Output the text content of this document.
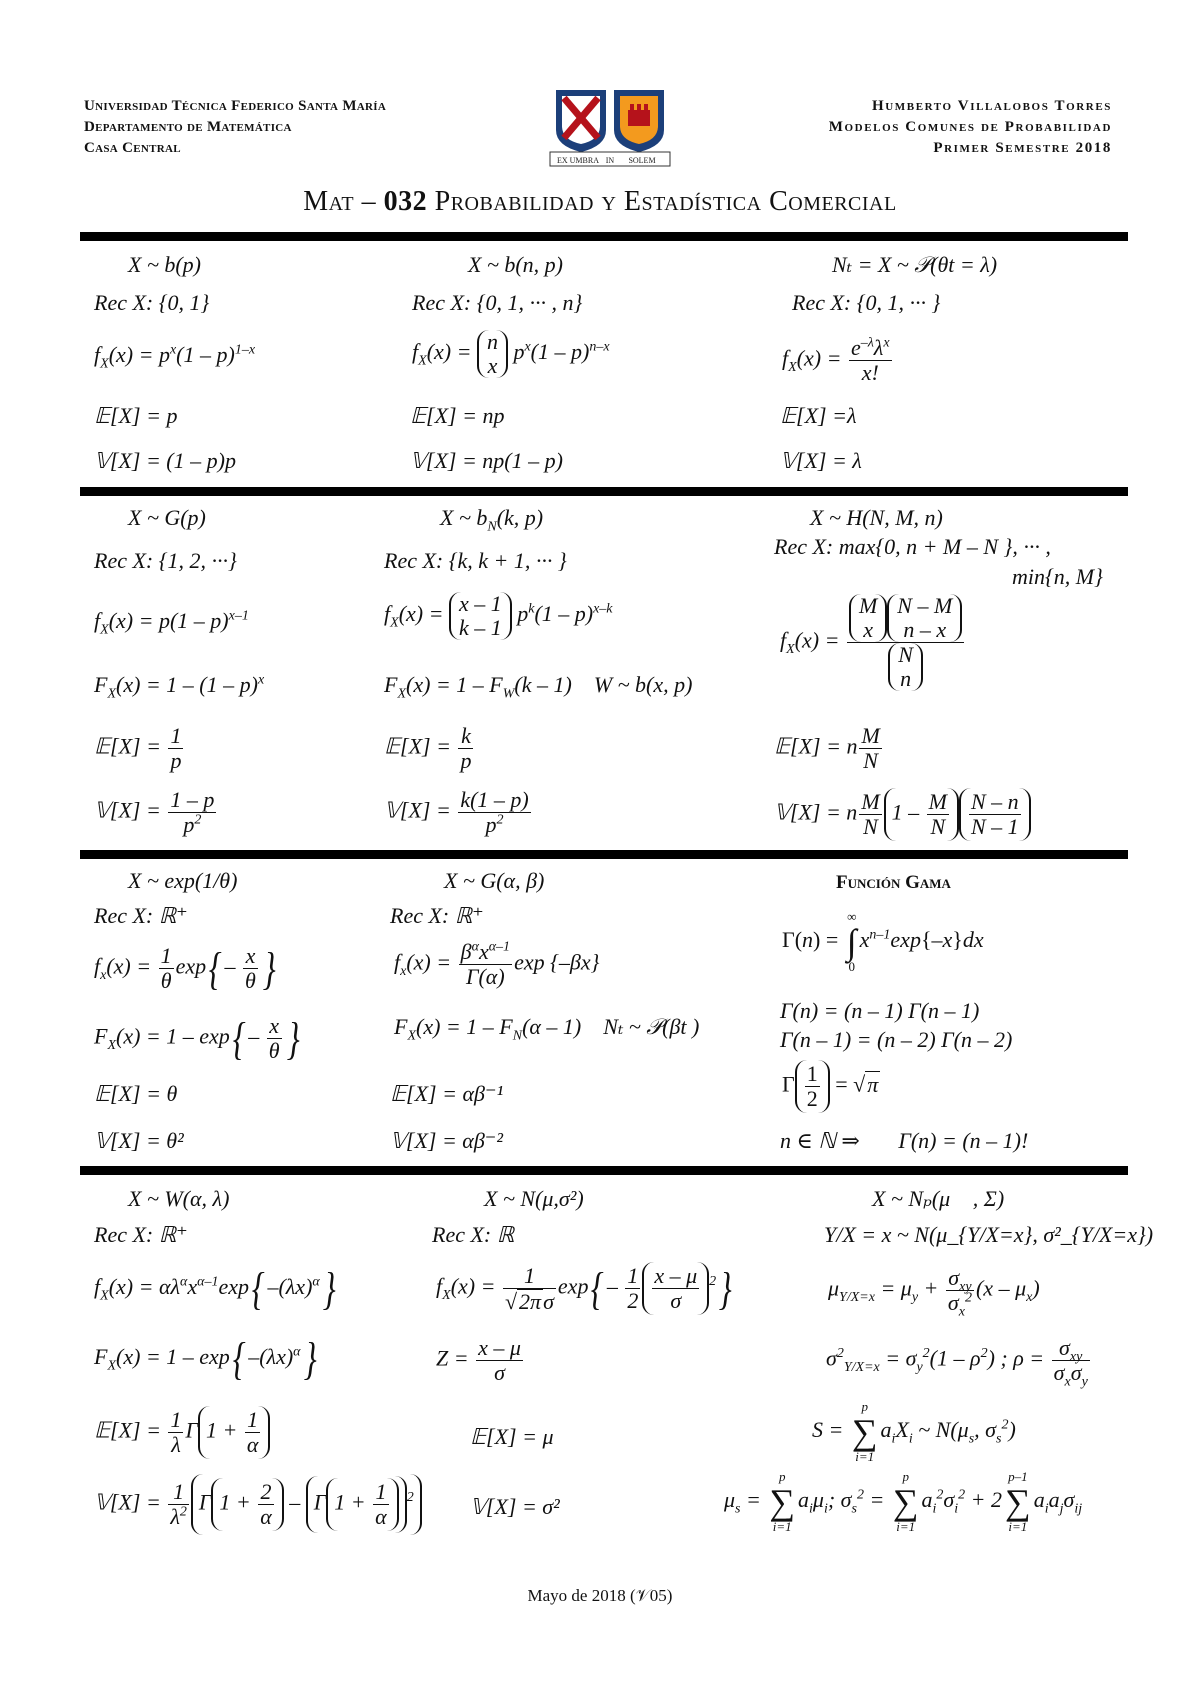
Universidad Técnica Federico Santa María
Departamento de Matemática
Casa Central
EX UMBRA IN SOLEM
Humberto Villalobos Torres
Modelos Comunes de Probabilidad
Primer Semestre 2018
Mat – 032 Probabilidad y Estadística Comercial
X ~ b(p)
Rec X: {0, 1}
$f_X(x) = p^x(1 - p)^{1-x}$
𝔼[X] = p
𝕍[X] = (1 – p)p
X ~ b(n, p)
Rec X: {0, 1, ··· , n}
$f_X(x) = n$
x
$p^x(1 - p)^{n-x}$
𝔼[X] = np
𝕍[X] = np(1 – p)
Nₜ = X ~ 𝒫(θt = λ)
Rec X: {0, 1, ··· }
$f_X(x) = \frac{e^{-\lambda}\lambda^x}{x!}$
𝔼[X] =λ
𝕍[X] = λ
X ~ G(p)
Rec X: {1, 2, ···}
$f_X(x) = p(1 - p)^{x-1}$
$F_X(x) = 1 - (1 - p)^x$
𝔼[X] = $\frac{1}{p}$
𝕍[X] = $\frac{1 - p}{p^2}$
X ~ $b_N(k$, p)
Rec X: {k, k + 1, ··· }
$f_X(x) = x - 1$
k – 1
$p^k(1 - p)^{x-k}$
$F_X(x) = 1 - F_W(k - 1)$    W ~ b(x, p)
𝔼[X] = $\frac{k}{p}$
𝕍[X] = $\frac{k(1 - p)}{p^2}$
X ~ H(N, M, n)
Rec X: max{0, n + M – N }, ··· ,
min{n, M}
$f_X(x) = M$
x
N – M
n – x
N
n
𝔼[X] = n $\frac{M}{N}$
𝕍[X] = n $\frac{M}{N} 1 - \frac{M}{N} \frac{N - n}{N - 1}$
X ~ exp(1/θ)
Rec X: ℝ⁺
$f_x(x) = \frac{1}{\theta} \exp\{ - \frac{x}{\theta}$ }
$F_X(x) = 1 - \exp\{ - \frac{x}{\theta}$ }
𝔼[X] = θ
𝕍[X] = θ²
X ~ G(α, β)
Rec X: ℝ⁺
$f_x(x) = \frac{\beta^\alpha x^{\alpha-1}}{\Gamma(\alpha)}$ exp {–βx}
$F_X(x) = 1 - F_N(\alpha - 1)$    Nₜ ~ 𝒫(βt )
𝔼[X] = αβ⁻¹
𝕍[X] = αβ⁻²
Función Gama
Γ(n) = ∞
∫
$0x^{n-1}\exp\{-x\}dx$
Γ(n) = (n – 1) Γ(n – 1)
Γ(n – 1) = (n – 2) Γ(n – 2)
Γ $\frac{1}{2} = √\pi$
n ∈ ℕ ⇒ Γ(n) = (n – 1)!
X ~ W(α, λ)
Rec X: ℝ⁺
$f_X(x) = \alpha\lambda^\alpha x^{\alpha-1}\exp${ $-(\lambda x)^\alpha$}
$F_X(x) = 1 - \exp${ $-(\lambda x)^\alpha$}
𝔼[X] = $\frac{1}{\lambda}$ Γ $1 + \frac{1}{\alpha}$
𝕍[X] = $\frac{1}{\lambda^2}$ Γ $1 + \frac{2}{\alpha} - \Gamma$ $1 + \frac{1}{\alpha} ^2$
X ~ N(μ,σ²)
Rec X: ℝ
$f_X(x) = \frac{1}{√2\pi\sigma} \exp\{ - \frac{1}{2} \frac{x - \mu}{\sigma} ^2\}$
$Z = \frac{x - \mu}{\sigma}$
𝔼[X] = μ
𝕍[X] = σ²
X ~ Nₚ(μ⃗ , Σ)
Y/X = x ~ N(μ_{Y/X=x}, σ²_{Y/X=x})
$\mu_{Y/X=x} = \mu_y + \frac{\sigma_{xy}}{\sigma_x^2} (x - \mu_x)$
$\sigma^2_{Y/X=x} = \sigma_y^2(1 - \rho^2)$ ; $\rho = \frac{\sigma_{xy}}{\sigma_x\sigma_y}$
S = p
∑
$i=1a_iX_i$ ~ $N(\mu_s$, $\sigma_s^2$)
$\mu_s = p$
∑
$i=1a_i\mu_i$; $\sigma_s^2 = p$
∑
$i=1a_i^2\sigma_i^2 + 2p-1$
∑
$i=1a_ia_j\sigma_{ij}$
Mayo de 2018 (𝒱05)
